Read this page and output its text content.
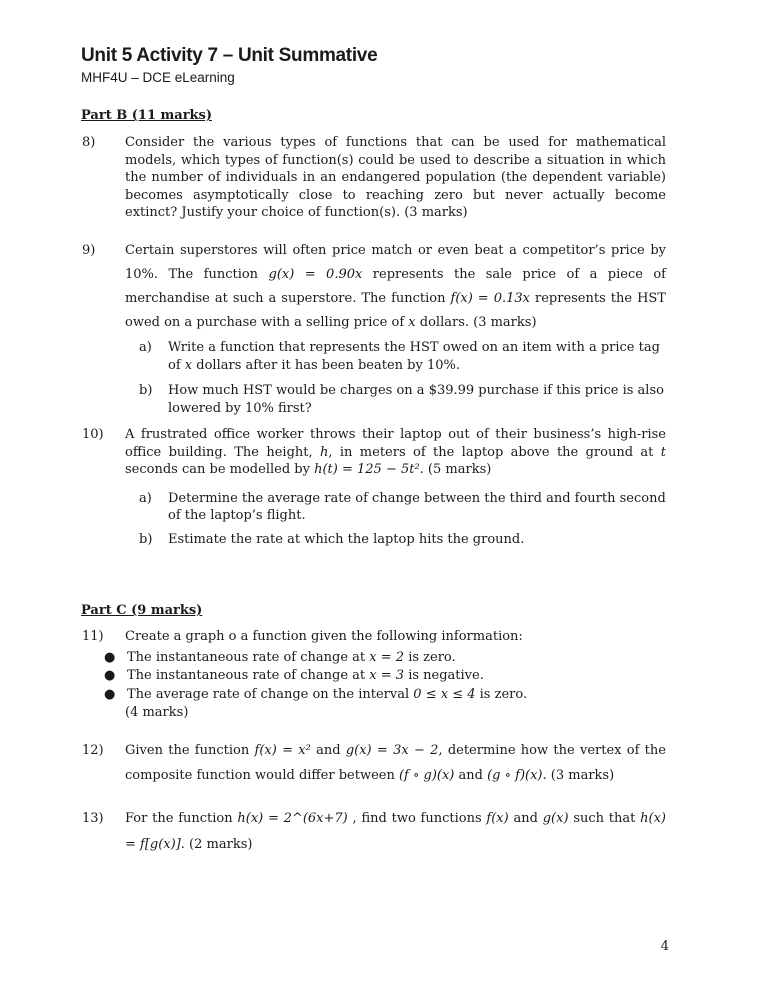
Unit 5 Activity 7 – Unit Summative
MHF4U – DCE eLearning
Part B (11 marks)
8) Consider the various types of functions that can be used for mathematical models, which types of function(s) could be used to describe a situation in which the number of individuals in an endangered population (the dependent variable) becomes asymptotically close to reaching zero but never actually become extinct? Justify your choice of function(s). (3 marks)
9) Certain superstores will often price match or even beat a competitor’s price by 10%. The function g(x) = 0.90x represents the sale price of a piece of merchandise at such a superstore. The function f(x) = 0.13x represents the HST owed on a purchase with a selling price of x dollars. (3 marks)
a) Write a function that represents the HST owed on an item with a price tag of x dollars after it has been beaten by 10%.
b) How much HST would be charges on a $39.99 purchase if this price is also lowered by 10% first?
10) A frustrated office worker throws their laptop out of their business’s high-rise office building. The height, h, in meters of the laptop above the ground at t seconds can be modelled by h(t) = 125 − 5t². (5 marks)
a) Determine the average rate of change between the third and fourth second of the laptop’s flight.
b) Estimate the rate at which the laptop hits the ground.
Part C (9 marks)
11) Create a graph o a function given the following information:
● The instantaneous rate of change at x = 2 is zero.
● The instantaneous rate of change at x = 3 is negative.
● The average rate of change on the interval 0 ≤ x ≤ 4 is zero.
(4 marks)
12) Given the function f(x) = x² and g(x) = 3x − 2, determine how the vertex of the composite function would differ between (f ∘ g)(x) and (g ∘ f)(x). (3 marks)
13) For the function h(x) = 2^(6x+7) , find two functions f(x) and g(x) such that h(x) = f[g(x)]. (2 marks)
4
